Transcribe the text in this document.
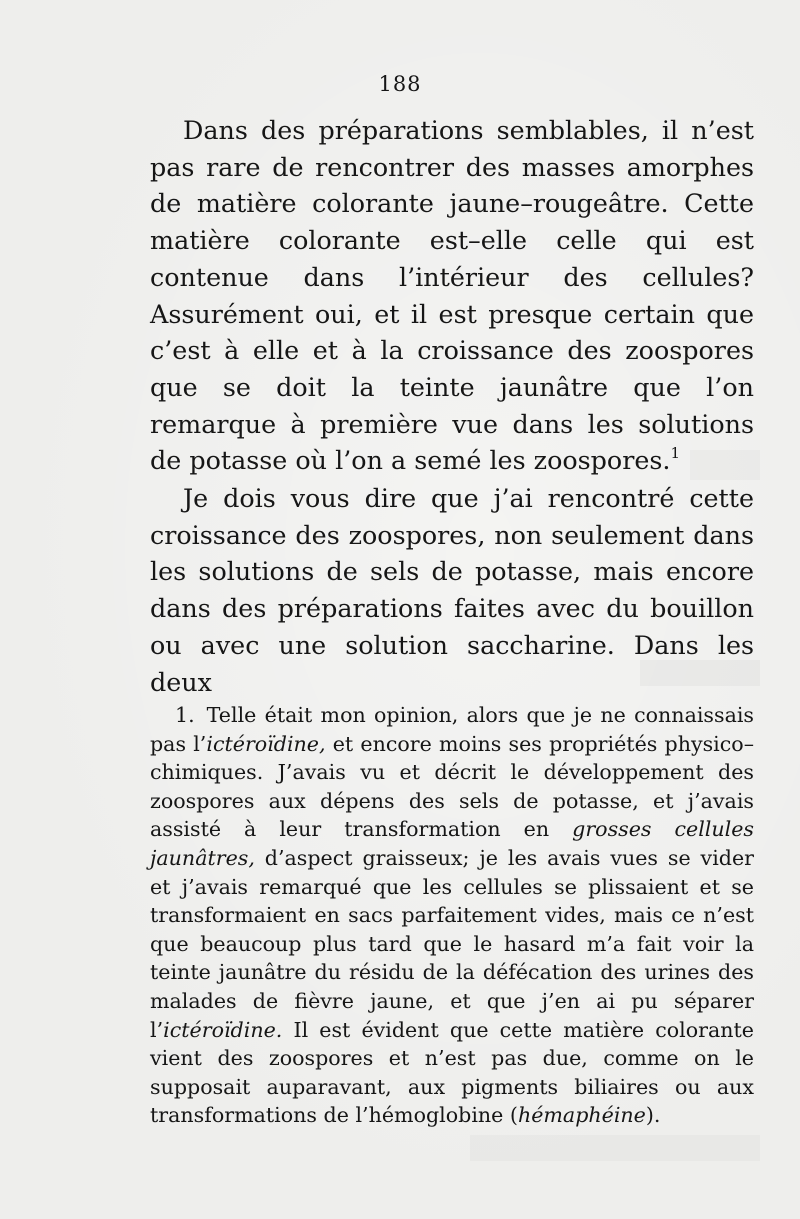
188

Dans des préparations semblables, il n’est pas rare de rencontrer des masses amorphes de matière colorante jaune–rougeâtre. Cette matière colorante est–elle celle qui est contenue dans l’intérieur des cellules? Assurément oui, et il est presque certain que c’est à elle et à la croissance des zoospores que se doit la teinte jaunâtre que l’on remarque à première vue dans les solutions de potasse où l’on a semé les zoospores.$^1$

Je dois vous dire que j’ai rencontré cette croissance des zoospores, non seulement dans les solutions de sels de potasse, mais encore dans des préparations faites avec du bouillon ou avec une solution saccharine. Dans les deux

1. Telle était mon opinion, alors que je ne connaissais pas l’ictéroïdine, et encore moins ses propriétés physico–chimiques. J’avais vu et décrit le développement des zoospores aux dépens des sels de potasse, et j’avais assisté à leur transformation en grosses cellules jaunâtres, d’aspect graisseux; je les avais vues se vider et j’avais remarqué que les cellules se plissaient et se transformaient en sacs parfaitement vides, mais ce n’est que beaucoup plus tard que le hasard m’a fait voir la teinte jaunâtre du résidu de la défécation des urines des malades de fièvre jaune, et que j’en ai pu séparer l’ictéroïdine. Il est évident que cette matière colorante vient des zoospores et n’est pas due, comme on le supposait auparavant, aux pigments biliaires ou aux transformations de l’hémoglobine (hémaphéine).
